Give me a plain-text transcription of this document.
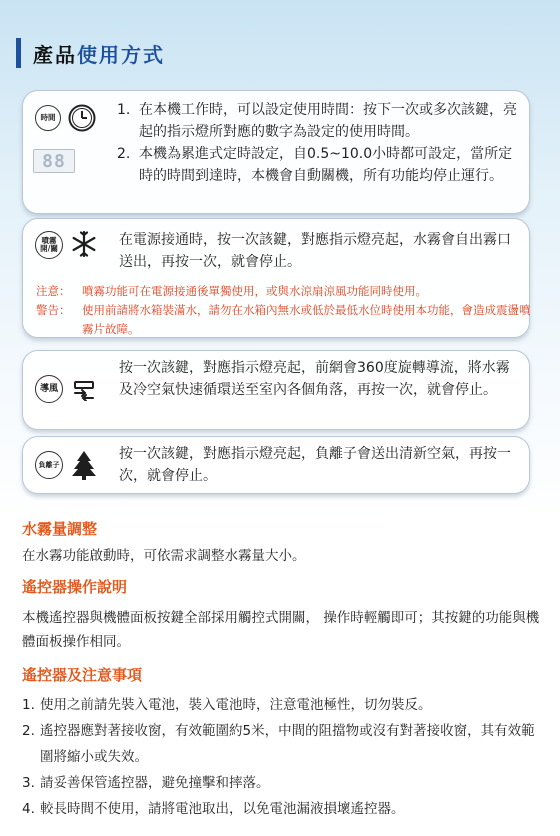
產品使用方式
時間
88
1. 在本機工作時，可以設定使用時間：按下一次或多次該鍵，亮起的指示燈所對應的數字為設定的使用時間。
2. 本機為累進式定時設定，自0.5~10.0小時都可設定，當所定時的時間到達時，本機會自動關機，所有功能均停止運行。
噴霧
開/關
在電源接通時，按一次該鍵，對應指示燈亮起，水霧會自出霧口送出，再按一次，就會停止。
注意：	噴霧功能可在電源接通後單獨使用，或與水涼扇涼風功能同時使用。
警告：	使用前請將水箱裝滿水，請勿在水箱內無水或低於最低水位時使用本功能，會造成震盪噴霧片故障。
導風
按一次該鍵，對應指示燈亮起，前網會360度旋轉導流，將水霧及冷空氣快速循環送至室內各個角落，再按一次，就會停止。
負離子
按一次該鍵，對應指示燈亮起，負離子會送出清新空氣，再按一次，就會停止。
水霧量調整
在水霧功能啟動時，可依需求調整水霧量大小。
遙控器操作說明
本機遙控器與機體面板按鍵全部採用觸控式開關， 操作時輕觸即可；其按鍵的功能與機體面板操作相同。
遙控器及注意事項
1. 使用之前請先裝入電池，裝入電池時，注意電池極性，切勿裝反。
2. 遙控器應對著接收窗，有效範圍約5米，中間的阻擋物或沒有對著接收窗，其有效範圍將縮小或失效。
3. 請妥善保管遙控器，避免撞擊和摔落。
4. 較長時間不使用，請將電池取出，以免電池漏液損壞遙控器。
